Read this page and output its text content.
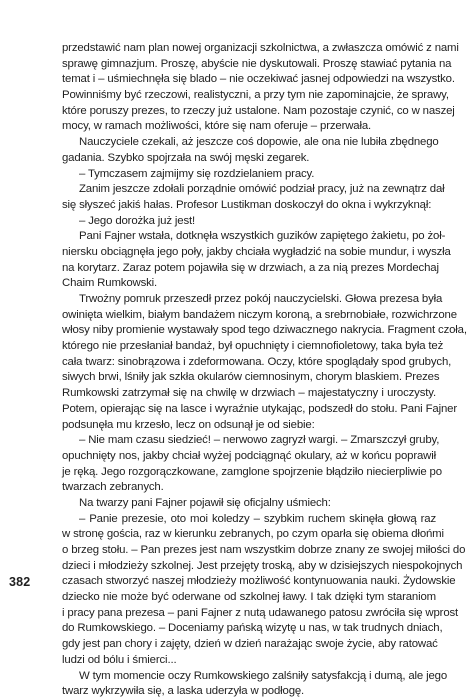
przedstawić nam plan nowej organizacji szkolnictwa, a zwłaszcza omówić z nami
sprawę gimnazjum. Proszę, abyście nie dyskutowali. Proszę stawiać pytania na
temat i – uśmiechnęła się blado – nie oczekiwać jasnej odpowiedzi na wszystko.
Powinniśmy być rzeczowi, realistyczni, a przy tym nie zapominajcie, że sprawy,
które poruszy prezes, to rzeczy już ustalone. Nam pozostaje czynić, co w naszej
mocy, w ramach możliwości, które się nam oferuje – przerwała.
Nauczyciele czekali, aż jeszcze coś dopowie, ale ona nie lubiła zbędnego
gadania. Szybko spojrzała na swój męski zegarek.
– Tymczasem zajmijmy się rozdzielaniem pracy.
Zanim jeszcze zdołali porządnie omówić podział pracy, już na zewnątrz dał
się słyszeć jakiś hałas. Profesor Lustikman doskoczył do okna i wykrzyknął:
– Jego dorożka już jest!
Pani Fajner wstała, dotknęła wszystkich guzików zapiętego żakietu, po żoł-
niersku obciągnęła jego poły, jakby chciała wygładzić na sobie mundur, i wyszła
na korytarz. Zaraz potem pojawiła się w drzwiach, a za nią prezes Mordechaj
Chaim Rumkowski.
Trwożny pomruk przeszedł przez pokój nauczycielski. Głowa prezesa była
owinięta wielkim, białym bandażem niczym koroną, a srebrnobiałe, rozwichrzone
włosy niby promienie wystawały spod tego dziwacznego nakrycia. Fragment czoła,
którego nie przesłaniał bandaż, był opuchnięty i ciemnofioletowy, taka była też
cała twarz: sinobrązowa i zdeformowana. Oczy, które spoglądały spod grubych,
siwych brwi, lśniły jak szkła okularów ciemnosinym, chorym blaskiem. Prezes
Rumkowski zatrzymał się na chwilę w drzwiach – majestatyczny i uroczysty.
Potem, opierając się na lasce i wyraźnie utykając, podszedł do stołu. Pani Fajner
podsunęła mu krzesło, lecz on odsunął je od siebie:
– Nie mam czasu siedzieć! – nerwowo zagryzł wargi. – Zmarszczył gruby,
opuchnięty nos, jakby chciał wyżej podciągnąć okulary, aż w końcu poprawił
je ręką. Jego rozgorączkowane, zamglone spojrzenie błądziło niecierpliwie po
twarzach zebranych.
Na twarzy pani Fajner pojawił się oficjalny uśmiech:
– Panie prezesie, oto moi koledzy – szybkim ruchem skinęła głową raz
w stronę gościa, raz w kierunku zebranych, po czym oparła się obiema dłońmi
o brzeg stołu. – Pan prezes jest nam wszystkim dobrze znany ze swojej miłości do
dzieci i młodzieży szkolnej. Jest przejęty troską, aby w dzisiejszych niespokojnych
czasach stworzyć naszej młodzieży możliwość kontynuowania nauki. Żydowskie
dziecko nie może być oderwane od szkolnej ławy. I tak dzięki tym staraniom
i pracy pana prezesa – pani Fajner z nutą udawanego patosu zwróciła się wprost
do Rumkowskiego. – Doceniamy pańską wizytę u nas, w tak trudnych dniach,
gdy jest pan chory i zajęty, dzień w dzień narażając swoje życie, aby ratować
ludzi od bólu i śmierci...
W tym momencie oczy Rumkowskiego zalśniły satysfakcją i dumą, ale jego
twarz wykrzywiła się, a laska uderzyła w podłogę.
382
